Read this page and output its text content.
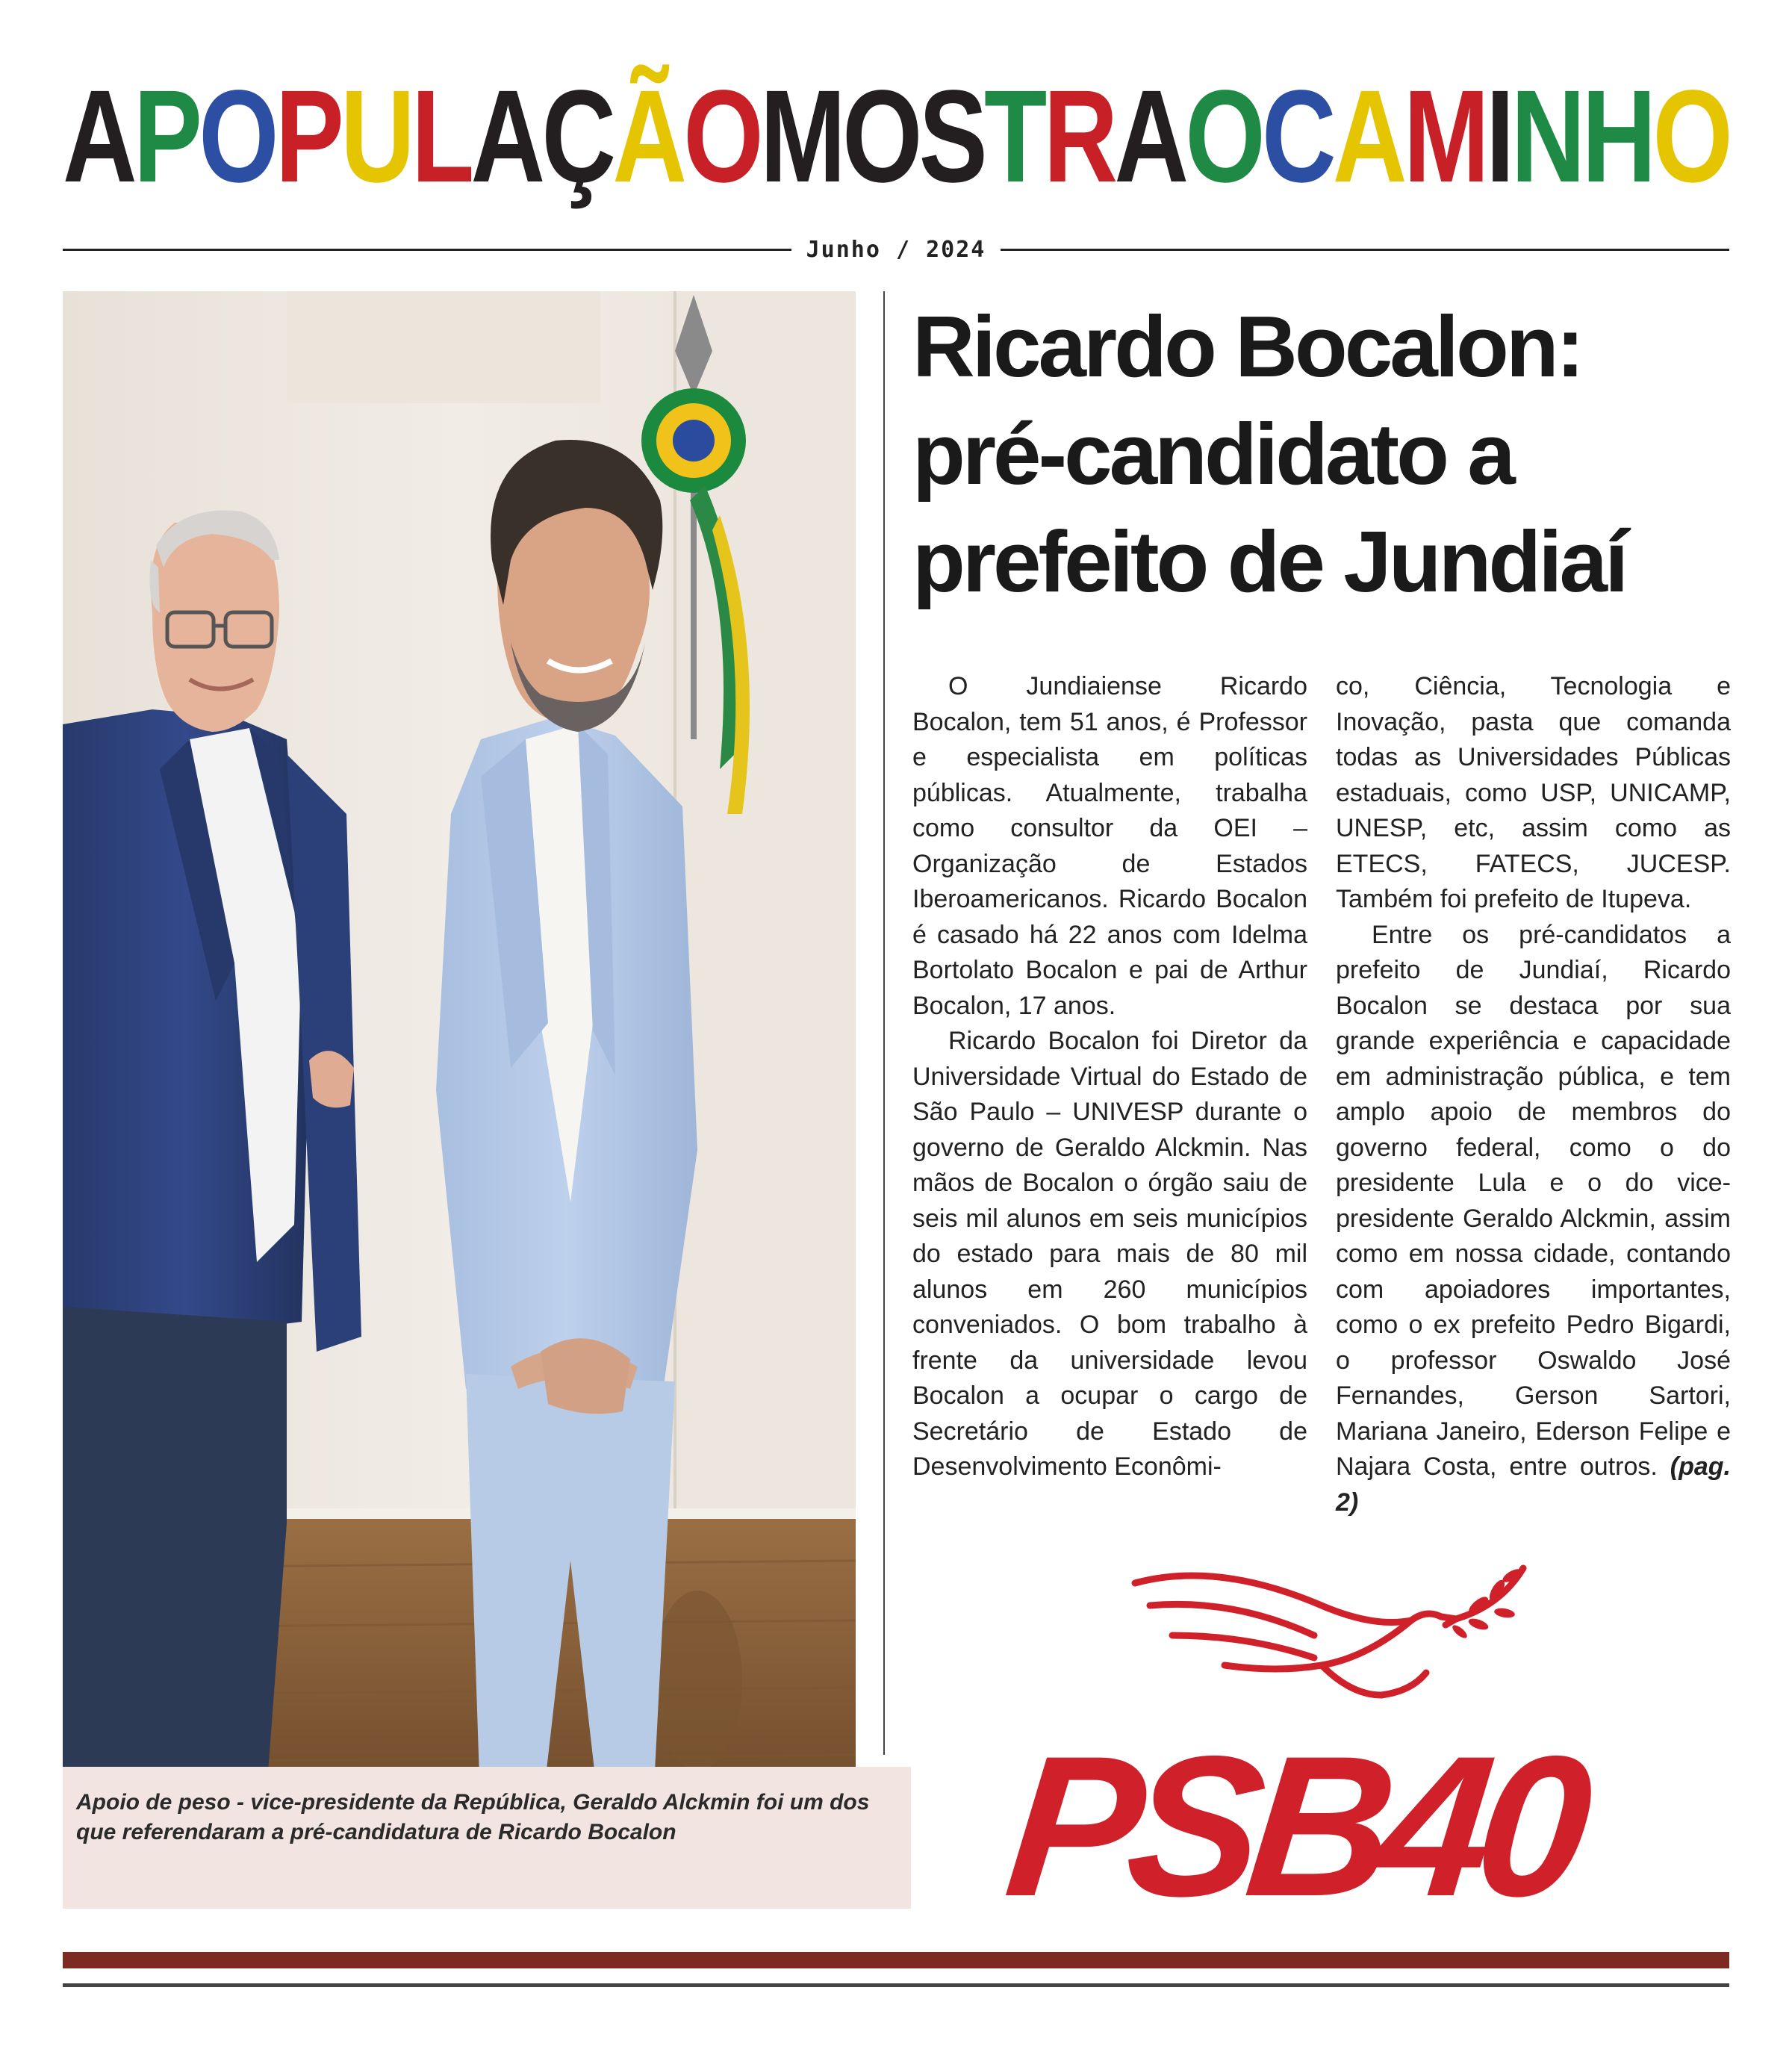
A P O P U L A Ç Ã O M O S T R A O C A M I N H O
Junho / 2024
Apoio de peso - vice-presidente da República, Geraldo Alckmin foi um dos que referendaram a pré-candidatura de Ricardo Bocalon
Ricardo Bocalon:
pré-candidato a
prefeito de Jundiaí

O Jundiaiense Ricardo Bocalon, tem 51 anos, é Professor e especialista em políticas públicas. Atualmente, trabalha como consultor da OEI – Organização de Estados Iberoamericanos. Ricardo Bocalon é casado há 22 anos com Idelma Bortolato Bocalon e pai de Arthur Bocalon, 17 anos.

Ricardo Bocalon foi Diretor da Universidade Virtual do Estado de São Paulo – UNIVESP durante o governo de Geraldo Alckmin. Nas mãos de Bocalon o órgão saiu de seis mil alunos em seis municípios do estado para mais de 80 mil alunos em 260 municípios conveniados. O bom trabalho à frente da universidade levou Bocalon a ocupar o cargo de Secretário de Estado de Desenvolvimento Econômi-

co, Ciência, Tecnologia e Inovação, pasta que comanda todas as Universidades Públicas estaduais, como USP, UNICAMP, UNESP, etc, assim como as ETECS, FATECS, JUCESP. Também foi prefeito de Itupeva.

Entre os pré-candidatos a prefeito de Jundiaí, Ricardo Bocalon se destaca por sua grande experiência e capacidade em administração pública, e tem amplo apoio de membros do governo federal, como o do presidente Lula e o do vice-presidente Geraldo Alckmin, assim como em nossa cidade, contando com apoiadores importantes, como o ex prefeito Pedro Bigardi, o professor Oswaldo José Fernandes, Gerson Sartori, Mariana Janeiro, Ederson Felipe e Najara Costa, entre outros. (pag. 2)

PSB40
